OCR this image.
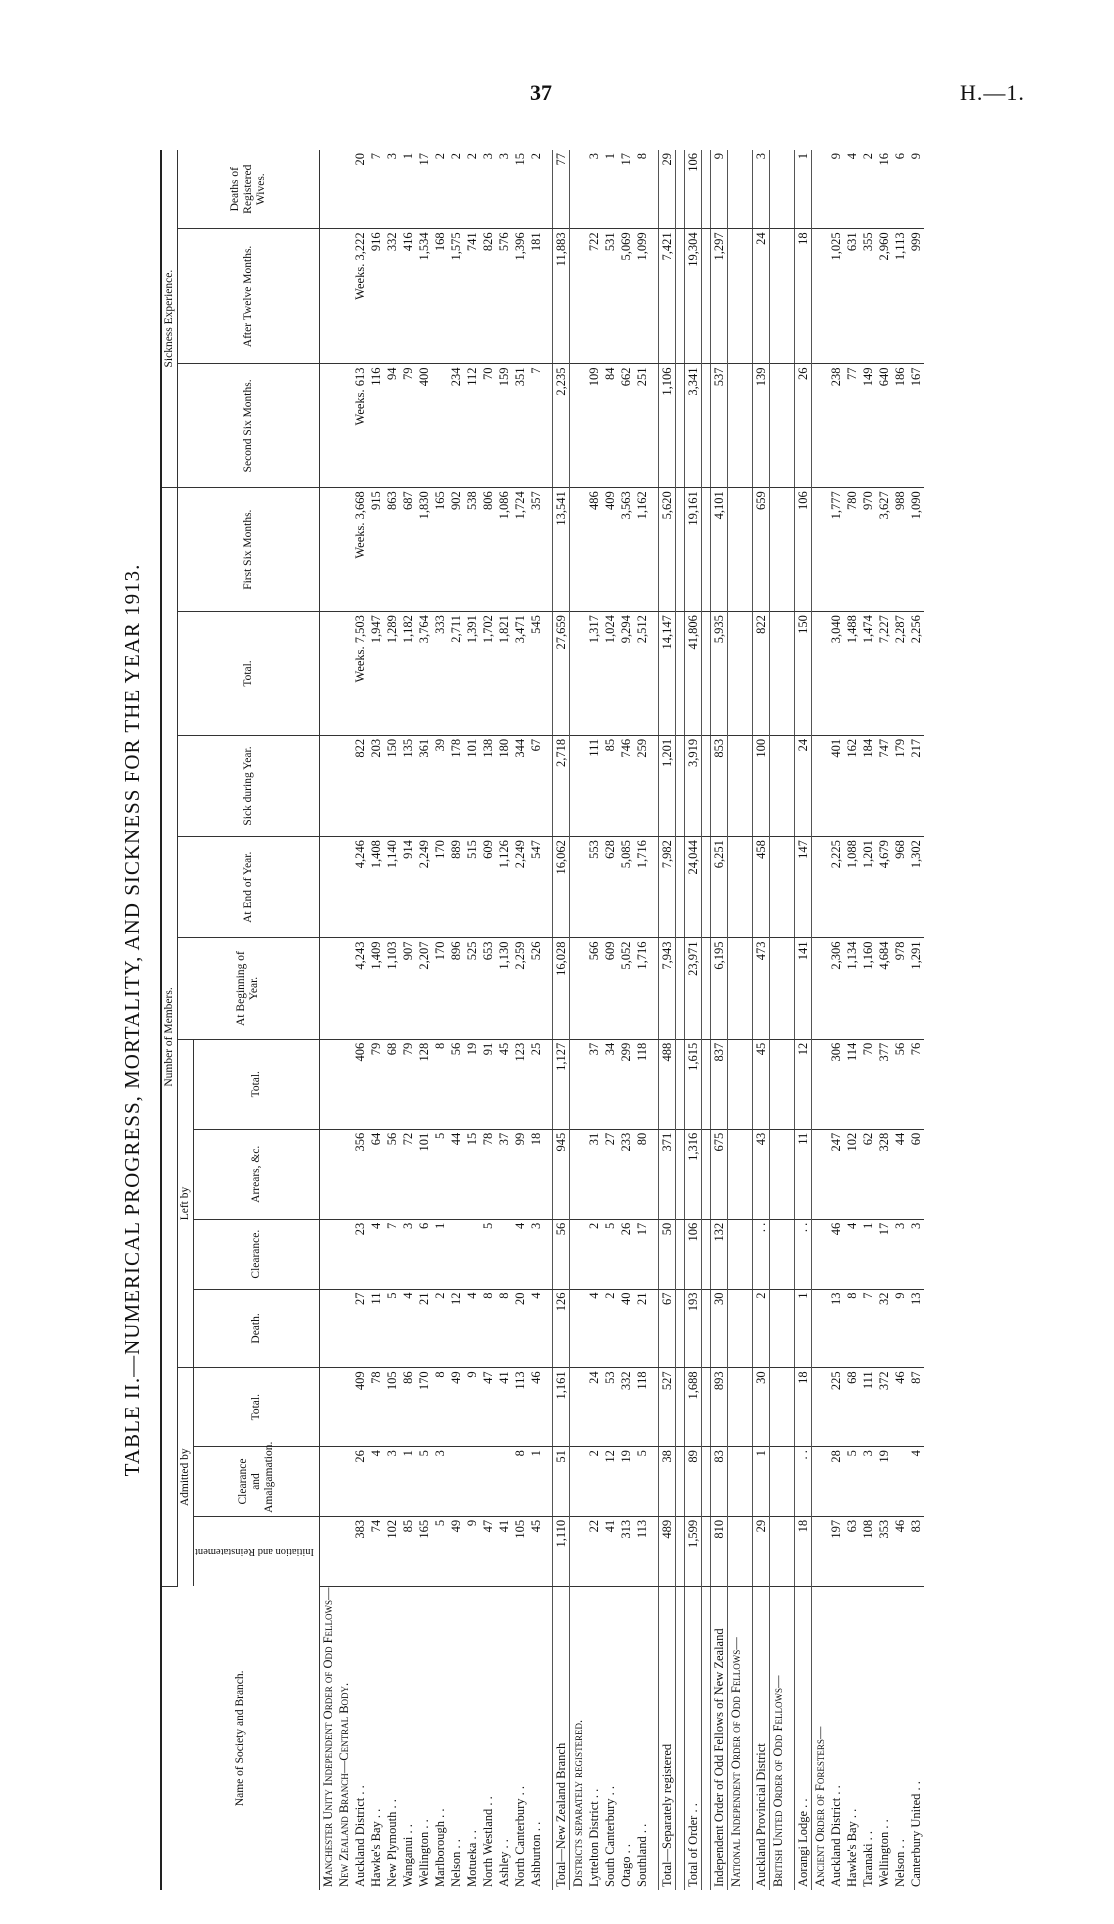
37	H.—1.
TABLE II.—NUMERICAL PROGRESS, MORTALITY, AND SICKNESS FOR THE YEAR 1913.
Name of Society and Branch.	Number of Members.												Sickness Experience.		
	Admitted by			Left by				At Beginning of Year.	At End of Year.	Sick during Year.	Total.	First Six Months.	Second Six Months.	After Twelve Months.	Deaths of Registered Wives.
	Initiation and Reinstatement	Clearance and Amalgamation.	Total.	Death.	Clearance.	Arrears, &c.	Total.								
Manchester Unity Independent Order of Odd Fellows—															
New Zealand Branch—Central Body.															
Auckland District . .	383	26	409	27	23	356	406	4,243	4,246	822	Weeks. 7,503	Weeks. 3,668	Weeks. 613	Weeks. 3,222	20
Hawke's Bay . .	74	4	78	11	4	64	79	1,409	1,408	203	1,947	915	116	916	7
New Plymouth . .	102	3	105	5	7	56	68	1,103	1,140	150	1,289	863	94	332	3
Wanganui . .	85	1	86	4	3	72	79	907	914	135	1,182	687	79	416	1
Wellington . .	165	5	170	21	6	101	128	2,207	2,249	361	3,764	1,830	400	1,534	17
Marlborough . .	5	3	8	2	1	5	8	170	170	39	333	165		168	2
Nelson . .	49		49	12		44	56	896	889	178	2,711	902	234	1,575	2
Motueka . .	9		9	4		15	19	525	515	101	1,391	538	112	741	2
North Westland . .	47		47	8	5	78	91	653	609	138	1,702	806	70	826	3
Ashley . .	41		41	8		37	45	1,130	1,126	180	1,821	1,086	159	576	3
North Canterbury . .	105	8	113	20	4	99	123	2,259	2,249	344	3,471	1,724	351	1,396	15
Ashburton . .	45	1	46	4	3	18	25	526	547	67	545	357	7	181	2

Total—New Zealand Branch	1,110	51	1,161	126	56	945	1,127	16,028	16,062	2,718	27,659	13,541	2,235	11,883	77
Districts separately registered.															
Lyttelton District . .	22	2	24	4	2	31	37	566	553	111	1,317	486	109	722	3
South Canterbury . .	41	12	53	2	5	27	34	609	628	85	1,024	409	84	531	1
Otago . .	313	19	332	40	26	233	299	5,052	5,085	746	9,294	3,563	662	5,069	17
Southland . .	113	5	118	21	17	80	118	1,716	1,716	259	2,512	1,162	251	1,099	8

Total—Separately registered	489	38	527	67	50	371	488	7,943	7,982	1,201	14,147	5,620	1,106	7,421	29

Total of Order . .	1,599	89	1,688	193	106	1,316	1,615	23,971	24,044	3,919	41,806	19,161	3,341	19,304	106

Independent Order of Odd Fellows of New Zealand	810	83	893	30	132	675	837	6,195	6,251	853	5,935	4,101	537	1,297	9
National Independent Order of Odd Fellows—															

Auckland Provincial District	29	1	30	2	. .	43	45	473	458	100	822	659	139	24	3
British United Order of Odd Fellows—															

Aorangi Lodge . .	18	. .	18	1	. .	11	12	141	147	24	150	106	26	18	1
Ancient Order of Foresters—															
Auckland District . .	197	28	225	13	46	247	306	2,306	2,225	401	3,040	1,777	238	1,025	9
Hawke's Bay . .	63	5	68	8	4	102	114	1,134	1,088	162	1,488	780	77	631	4
Taranaki . .	108	3	111	7	1	62	70	1,160	1,201	184	1,474	970	149	355	2
Wellington . .	353	19	372	32	17	328	377	4,684	4,679	747	7,227	3,627	640	2,960	16
Nelson . .	46		46	9	3	44	56	978	968	179	2,287	988	186	1,113	6
Canterbury United . .	83	4	87	13	3	60	76	1,291	1,302	217	2,256	1,090	167	999	9
